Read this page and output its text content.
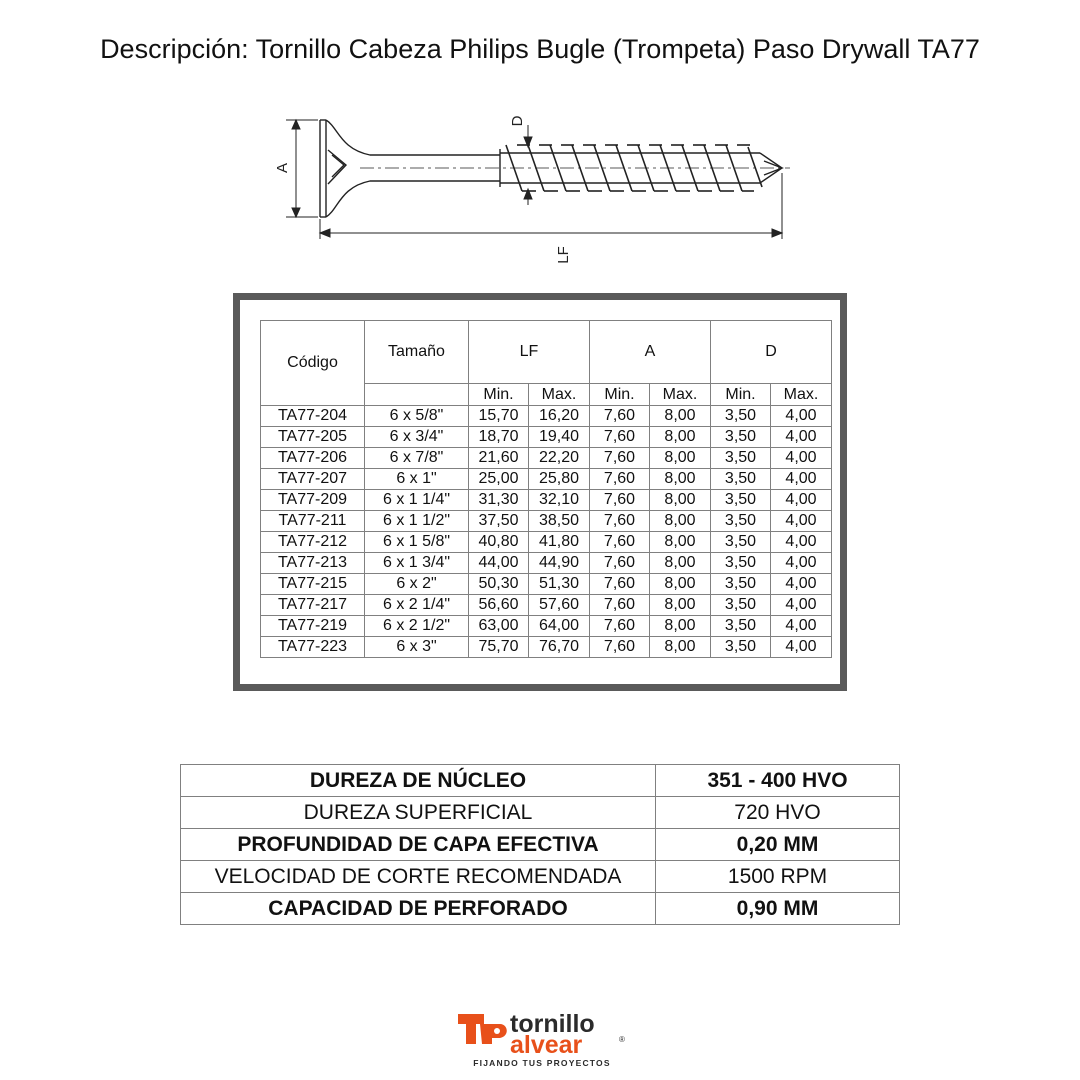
Descripción: Tornillo Cabeza Philips Bugle (Trompeta) Paso Drywall TA77
A
D
LF
Código	Tamaño	LF		A		D	
		Min.	Max.	Min.	Max.	Min.	Max.
TA77-204	6 x 5/8"	15,70	16,20	7,60	8,00	3,50	4,00
TA77-205	6 x 3/4"	18,70	19,40	7,60	8,00	3,50	4,00
TA77-206	6 x 7/8"	21,60	22,20	7,60	8,00	3,50	4,00
TA77-207	6 x 1"	25,00	25,80	7,60	8,00	3,50	4,00
TA77-209	6 x 1 1/4"	31,30	32,10	7,60	8,00	3,50	4,00
TA77-211	6 x 1 1/2"	37,50	38,50	7,60	8,00	3,50	4,00
TA77-212	6 x 1 5/8"	40,80	41,80	7,60	8,00	3,50	4,00
TA77-213	6 x 1 3/4"	44,00	44,90	7,60	8,00	3,50	4,00
TA77-215	6 x 2"	50,30	51,30	7,60	8,00	3,50	4,00
TA77-217	6 x 2 1/4"	56,60	57,60	7,60	8,00	3,50	4,00
TA77-219	6 x 2 1/2"	63,00	64,00	7,60	8,00	3,50	4,00
TA77-223	6 x 3"	75,70	76,70	7,60	8,00	3,50	4,00
DUREZA DE NÚCLEO	351 - 400 HVO
DUREZA SUPERFICIAL	720 HVO
PROFUNDIDAD DE CAPA EFECTIVA	0,20 MM
VELOCIDAD DE CORTE RECOMENDADA	1500 RPM
CAPACIDAD DE PERFORADO	0,90 MM
tornillo
alvear	®
FIJANDO TUS PROYECTOS
